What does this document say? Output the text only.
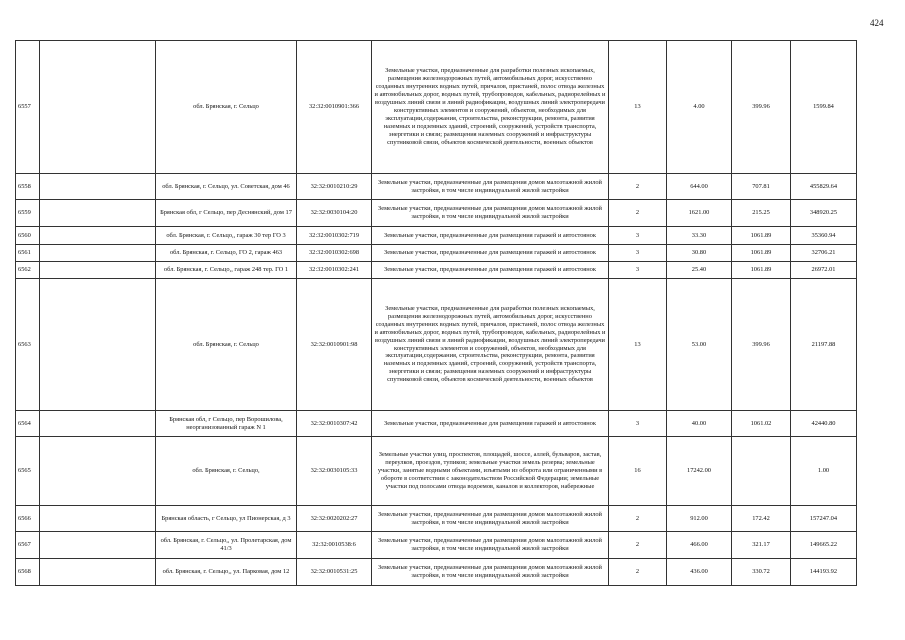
424
6557		обл. Брянская, г. Сельцо	32:32:0010901:366	Земельные участки, предназначенные для разработки полезных ископаемых, размещения железнодорожных путей, автомобильных дорог, искусственно созданных внутренних водных путей, причалов, пристаней, полос отвода железных и автомобильных дорог, водных путей, трубопроводов, кабельных, радиорелейных и воздушных линий связи и линий радиофикации, воздушных линий электропередачи конструктивных элементов и сооружений, объектов, необходимых для эксплуатации,содержания, строительства, реконструкции, ремонта, развития наземных и подземных зданий, строений, сооружений, устройств транспорта, энергетики и связи; размещения наземных сооружений и инфраструктуры спутниковой связи, объектов космической деятельности, военных объектов	13	4.00	399.96	1599.84
6558		обл. Брянская, г. Сельцо, ул. Советская, дом 46	32:32:0010210:29	Земельные участки, предназначенные для размещения домов малоэтажной жилой застройки, в том числе индивидуальной жилой застройки	2	644.00	707.81	455829.64
6559		Брянская обл, г Сельцо, пер Деснянский, дом 17	32:32:0030104:20	Земельные участки, предназначенные для размещения домов малоэтажной жилой застройки, в том числе индивидуальной жилой застройки	2	1621.00	215.25	348920.25
6560		обл. Брянская, г. Сельцо,, гараж 30 тер ГО 3	32:32:0010302:719	Земельные участки, предназначенные для размещения гаражей и автостоянок	3	33.30	1061.89	35360.94
6561		обл. Брянская, г. Сельцо, ГО 2, гараж 463	32:32:0010302:698	Земельные участки, предназначенные для размещения гаражей и автостоянок	3	30.80	1061.89	32706.21
6562		обл. Брянская, г. Сельцо,, гараж 248 тер. ГО 1	32:32:0010302:241	Земельные участки, предназначенные для размещения гаражей и автостоянок	3	25.40	1061.89	26972.01
6563		обл. Брянская, г. Сельцо	32:32:0010901:98	Земельные участки, предназначенные для разработки полезных ископаемых, размещения железнодорожных путей, автомобильных дорог, искусственно созданных внутренних водных путей, причалов, пристаней, полос отвода железных и автомобильных дорог, водных путей, трубопроводов, кабельных, радиорелейных и воздушных линий связи и линий радиофикации, воздушных линий электропередачи конструктивных элементов и сооружений, объектов, необходимых для эксплуатации,содержания, строительства, реконструкции, ремонта, развития наземных и подземных зданий, строений, сооружений, устройств транспорта, энергетики и связи; размещения наземных сооружений и инфраструктуры спутниковой связи, объектов космической деятельности, военных объектов	13	53.00	399.96	21197.88
6564		Брянская обл, г Сельцо, пер Ворошилова, неорганизованный гараж N 1	32:32:0010307:42	Земельные участки, предназначенные для размещения гаражей и автостоянок	3	40.00	1061.02	42440.80
6565		обл. Брянская, г. Сельцо,	32:32:0030105:33	Земельные участки улиц, проспектов, площадей, шоссе, аллей, бульваров, застав, переулков, проездов, тупиков; земельные участки земель резерва; земельные участки, занятые водными объектами, изъятыми из оборота или ограниченными в обороте в соответствии с законодательством Российской Федерации; земельные участки под полосами отвода водоемов, каналов и коллекторов, набережные	16	17242.00		1.00
6566		Брянская область, г Сельцо, ул Пионерская, д 3	32:32:0020202:27	Земельные участки, предназначенные для размещения домов малоэтажной жилой застройки, в том числе индивидуальной жилой застройки	2	912.00	172.42	157247.04
6567		обл. Брянская, г. Сельцо,, ул. Пролетарская, дом 41/3	32:32:0010538:6	Земельные участки, предназначенные для размещения домов малоэтажной жилой застройки, в том числе индивидуальной жилой застройки	2	466.00	321.17	149665.22
6568		обл. Брянская, г. Сельцо,, ул. Парковая, дом 12	32:32:0010531:25	Земельные участки, предназначенные для размещения домов малоэтажной жилой застройки, в том числе индивидуальной жилой застройки	2	436.00	330.72	144193.92
